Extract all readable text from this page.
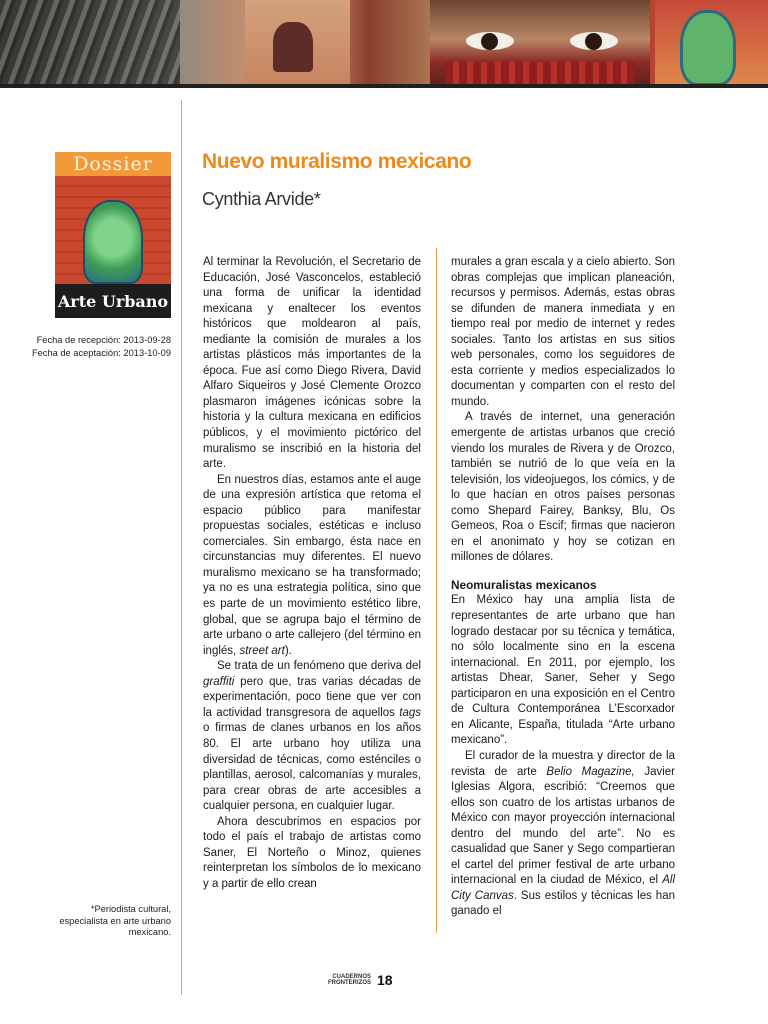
Dossier
Arte Urbano
Fecha de recepción: 2013-09-28
Fecha de aceptación: 2013-10-09
*Periodista cultural, especialista en arte urbano mexicano.
Nuevo muralismo mexicano
Cynthia Arvide*

Al terminar la Revolución, el Secretario de Educación, José Vasconcelos, estableció una forma de unificar la identidad mexicana y enaltecer los eventos históricos que moldearon al país, mediante la comisión de murales a los artistas plásticos más importantes de la época. Fue así como Diego Rivera, David Alfaro Siqueiros y José Clemente Orozco plasmaron imágenes icónicas sobre la historia y la cultura mexicana en edificios públicos, y el movimiento pictórico del muralismo se inscribió en la historia del arte.

En nuestros días, estamos ante el auge de una expresión artística que retoma el espacio público para manifestar propuestas sociales, estéticas e incluso comerciales. Sin embargo, ésta nace en circunstancias muy diferentes. El nuevo muralismo mexicano se ha transformado; ya no es una estrategia política, sino que es parte de un movimiento estético libre, global, que se agrupa bajo el término de arte urbano o arte callejero (del término en inglés, street art).

Se trata de un fenómeno que deriva del graffiti pero que, tras varias décadas de experimentación, poco tiene que ver con la actividad transgresora de aquellos tags o firmas de clanes urbanos en los años 80. El arte urbano hoy utiliza una diversidad de técnicas, como esténciles o plantillas, aerosol, calcomanías y murales, para crear obras de arte accesibles a cualquier persona, en cualquier lugar.

Ahora descubrimos en espacios por todo el país el trabajo de artistas como Saner, El Norteño o Minoz, quienes reinterpretan los símbolos de lo mexicano y a partir de ello crean

murales a gran escala y a cielo abierto. Son obras complejas que implican planeación, recursos y permisos. Además, estas obras se difunden de manera inmediata y en tiempo real por medio de internet y redes sociales. Tanto los artistas en sus sitios web personales, como los seguidores de esta corriente y medios especializados lo documentan y comparten con el resto del mundo.

A través de internet, una generación emergente de artistas urbanos que creció viendo los murales de Rivera y de Orozco, también se nutrió de lo que veía en la televisión, los videojuegos, los cómics, y de lo que hacían en otros países personas como Shepard Fairey, Banksy, Blu, Os Gemeos, Roa o Escif; firmas que nacieron en el anonimato y hoy se cotizan en millones de dólares.

Neomuralistas mexicanos

En México hay una amplia lista de representantes de arte urbano que han logrado destacar por su técnica y temática, no sólo localmente sino en la escena internacional. En 2011, por ejemplo, los artistas Dhear, Saner, Seher y Sego participaron en una exposición en el Centro de Cultura Contemporánea L’Escorxador en Alicante, España, titulada “Arte urbano mexicano”.

El curador de la muestra y director de la revista de arte Belio Magazine, Javier Iglesias Algora, escribió: “Creemos que ellos son cuatro de los artistas urbanos de México con mayor proyección internacional dentro del mundo del arte”. No es casualidad que Saner y Sego compartieran el cartel del primer festival de arte urbano internacional en la ciudad de México, el All City Canvas. Sus estilos y técnicas les han ganado el

CUADERNOS
FRONTERIZOS 18
